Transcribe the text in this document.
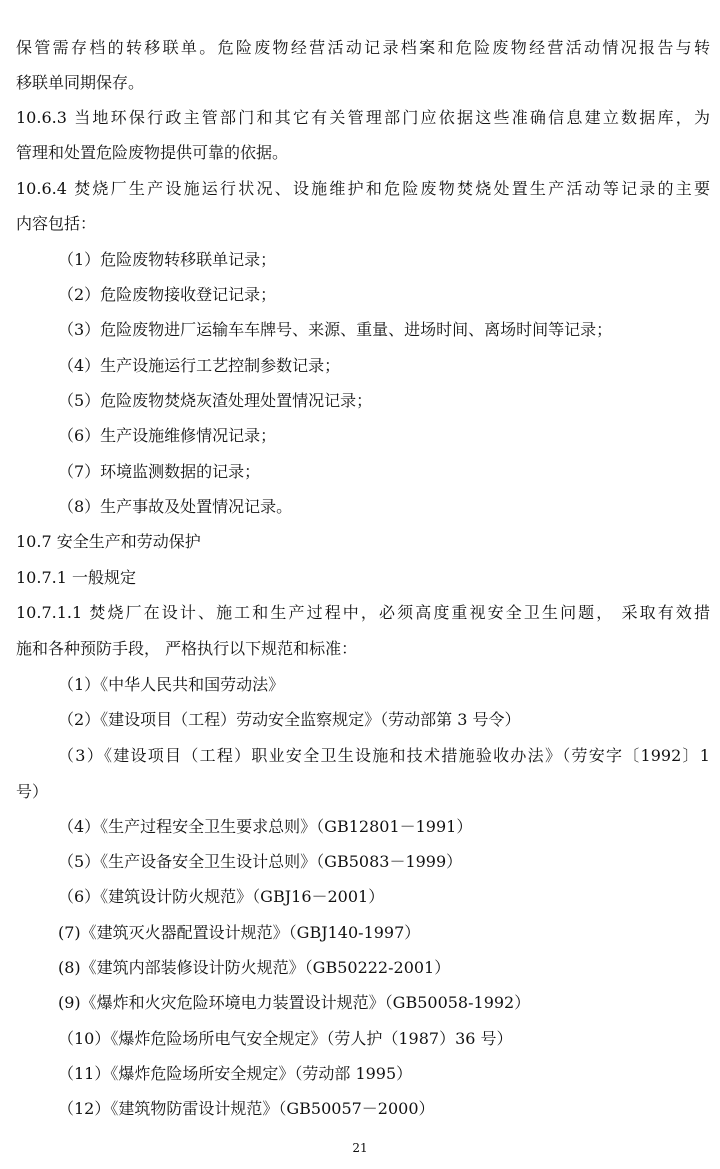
保管需存档的转移联单。危险废物经营活动记录档案和危险废物经营活动情况报告与转
移联单同期保存。
10.6.3 当地环保行政主管部门和其它有关管理部门应依据这些准确信息建立数据库，为
管理和处置危险废物提供可靠的依据。
10.6.4 焚烧厂生产设施运行状况、设施维护和危险废物焚烧处置生产活动等记录的主要
内容包括：
（1）危险废物转移联单记录；
（2）危险废物接收登记记录；
（3）危险废物进厂运输车车牌号、来源、重量、进场时间、离场时间等记录；
（4）生产设施运行工艺控制参数记录；
（5）危险废物焚烧灰渣处理处置情况记录；
（6）生产设施维修情况记录；
（7）环境监测数据的记录；
（8）生产事故及处置情况记录。
10.7 安全生产和劳动保护
10.7.1 一般规定
10.7.1.1 焚烧厂在设计、施工和生产过程中，必须高度重视安全卫生问题， 采取有效措
施和各种预防手段， 严格执行以下规范和标准：
（1）《中华人民共和国劳动法》
（2）《建设项目（工程）劳动安全监察规定》（劳动部第 3 号令）
（3）《建设项目（工程）职业安全卫生设施和技术措施验收办法》（劳安字〔1992〕1
号）
（4）《生产过程安全卫生要求总则》（GB12801－1991）
（5）《生产设备安全卫生设计总则》（GB5083－1999）
（6）《建筑设计防火规范》（GBJ16－2001）
(7)《建筑灭火器配置设计规范》（GBJ140-1997）
(8)《建筑内部装修设计防火规范》（GB50222-2001）
(9)《爆炸和火灾危险环境电力装置设计规范》（GB50058-1992）
（10）《爆炸危险场所电气安全规定》（劳人护（1987）36 号）
（11）《爆炸危险场所安全规定》（劳动部 1995）
（12）《建筑物防雷设计规范》（GB50057－2000）
21
